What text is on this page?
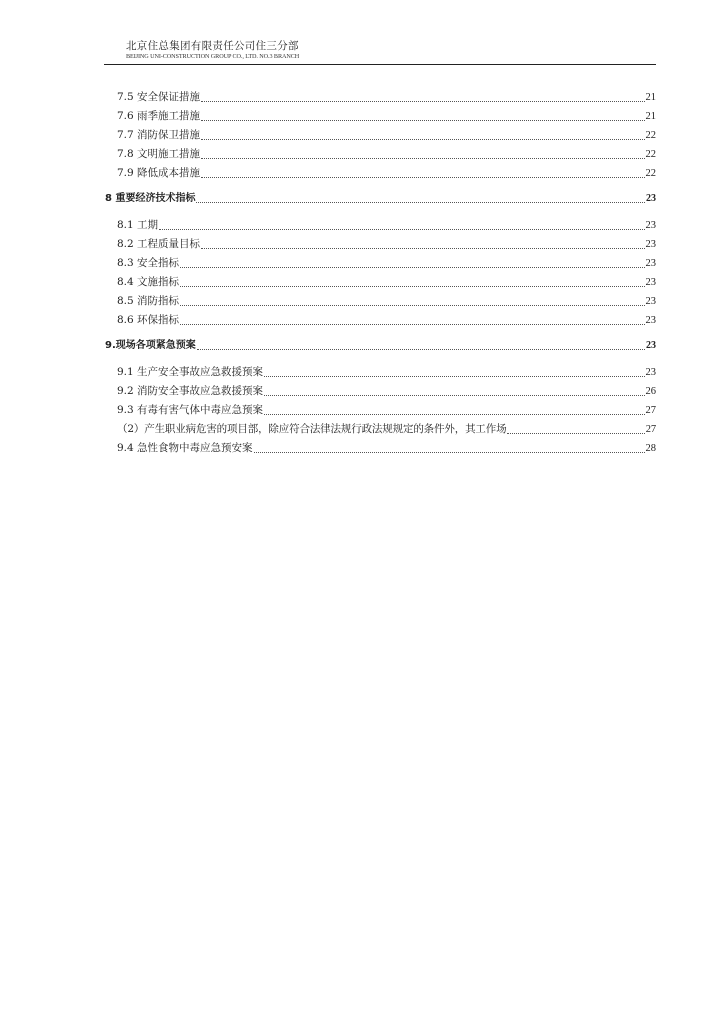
北京住总集团有限责任公司住三分部
BEIJING UNI-CONSTRUCTION GROUP CO., LTD. NO.3 BRANCH
7.5 安全保证措施	21
7.6 雨季施工措施	21
7.7 消防保卫措施	22
7.8 文明施工措施	22
7.9 降低成本措施	22
8 重要经济技术指标	23
8.1 工期	23
8.2 工程质量目标	23
8.3 安全指标	23
8.4 文施指标	23
8.5 消防指标	23
8.6 环保指标	23
9.现场各项紧急预案	23
9.1 生产安全事故应急救援预案	23
9.2 消防安全事故应急救援预案	26
9.3 有毒有害气体中毒应急预案	27
（2）产生职业病危害的项目部，除应符合法律法规行政法规规定的条件外，其工作场	27
9.4 急性食物中毒应急预安案	28
